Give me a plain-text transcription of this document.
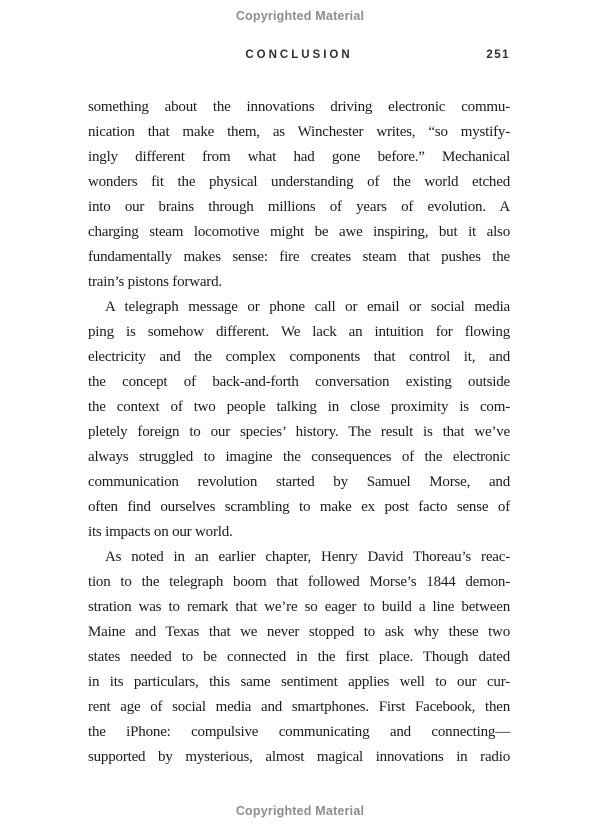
Copyrighted Material
CONCLUSION	251
something about the innovations driving electronic commu-
nication that make them, as Winchester writes, “so mystify-
ingly different from what had gone before.” Mechanical
wonders fit the physical understanding of the world etched
into our brains through millions of years of evolution. A
charging steam locomotive might be awe inspiring, but it also
fundamentally makes sense: fire creates steam that pushes the
train’s pistons forward.
A telegraph message or phone call or email or social media
ping is somehow different. We lack an intuition for flowing
electricity and the complex components that control it, and
the concept of back-and-forth conversation existing outside
the context of two people talking in close proximity is com-
pletely foreign to our species’ history. The result is that we’ve
always struggled to imagine the consequences of the electronic
communication revolution started by Samuel Morse, and
often find ourselves scrambling to make ex post facto sense of
its impacts on our world.
As noted in an earlier chapter, Henry David Thoreau’s reac-
tion to the telegraph boom that followed Morse’s 1844 demon-
stration was to remark that we’re so eager to build a line between
Maine and Texas that we never stopped to ask why these two
states needed to be connected in the first place. Though dated
in its particulars, this same sentiment applies well to our cur-
rent age of social media and smartphones. First Facebook, then
the iPhone: compulsive communicating and connecting—
supported by mysterious, almost magical innovations in radio
Copyrighted Material
